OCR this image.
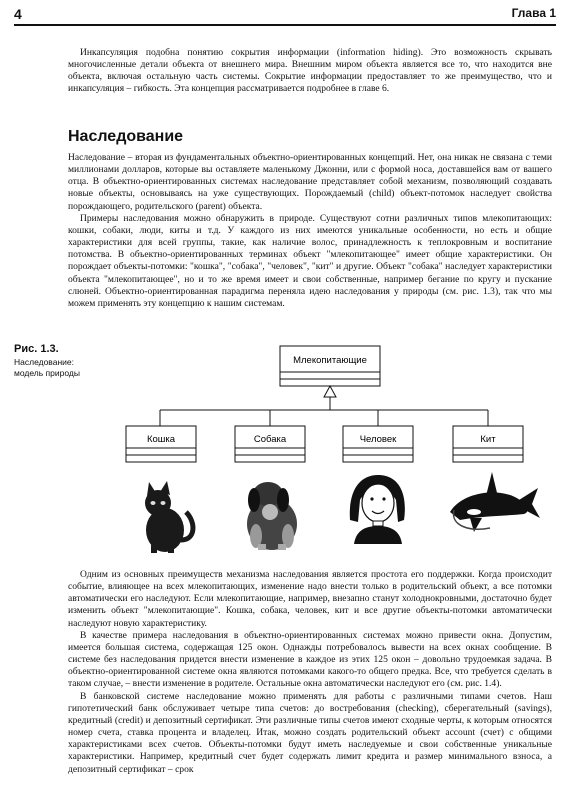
4	Глава 1

Инкапсуляция подобна понятию сокрытия информации (information hiding). Это возможность скрывать многочисленные детали объекта от внешнего мира. Внешним миром объекта является все то, что находится вне объекта, включая остальную часть системы. Сокрытие информации предоставляет то же преимущество, что и инкапсуляция – гибкость. Эта концепция рассматривается подробнее в главе 6.

Наследование

Наследование – вторая из фундаментальных объектно-ориентированных концепций. Нет, она никак не связана с теми миллионами долларов, которые вы оставляете маленькому Джонни, или с формой носа, доставшейся вам от вашего отца. В объектно-ориентированных системах наследование представляет собой механизм, позволяющий создавать новые объекты, основываясь на уже существующих. Порождаемый (child) объект-потомок наследует свойства порождающего, родительского (parent) объекта.

Примеры наследования можно обнаружить в природе. Существуют сотни различных типов млекопитающих: кошки, собаки, люди, киты и т.д. У каждого из них имеются уникальные особенности, но есть и общие характеристики для всей группы, такие, как наличие волос, принадлежность к теплокровным и воспитание потомства. В объектно-ориентированных терминах объект "млекопитающее" имеет общие характеристики. Он порождает объекты-потомки: "кошка", "собака", "человек", "кит" и другие. Объект "собака" наследует характеристики объекта "млекопитающее", но и то же время имеет и свои собственные, например бегание по кругу и пускание слюней. Объектно-ориентированная парадигма переняла идею наследования у природы (см. рис. 1.3), так что мы можем применять эту концепцию к нашим системам.

Рис. 1.3.
Наследование: модель природы
Млекопитающие
Кошка	Собака	Человек	Кит

Одним из основных преимуществ механизма наследования является простота его поддержки. Когда происходит событие, влияющее на всех млекопитающих, изменение надо внести только в родительский объект, а все потомки автоматически его наследуют. Если млекопитающие, например, внезапно станут холоднокровными, достаточно будет изменить объект "млекопитающие". Кошка, собака, человек, кит и все другие объекты-потомки автоматически наследуют новую характеристику.

В качестве примера наследования в объектно-ориентированных системах можно привести окна. Допустим, имеется большая система, содержащая 125 окон. Однажды потребовалось вывести на всех окнах сообщение. В системе без наследования придется внести изменение в каждое из этих 125 окон – довольно трудоемкая задача. В объектно-ориентированной системе окна являются потомками какого-то общего предка. Все, что требуется сделать в таком случае, – внести изменение в родителе. Остальные окна автоматически наследуют его (см. рис. 1.4).

В банковской системе наследование можно применять для работы с различными типами счетов. Наш гипотетический банк обслуживает четыре типа счетов: до востребования (checking), сберегательный (savings), кредитный (credit) и депозитный сертификат. Эти различные типы счетов имеют сходные черты, к которым относятся номер счета, ставка процента и владелец. Итак, можно создать родительский объект account (счет) с общими характеристиками всех счетов. Объекты-потомки будут иметь наследуемые и свои собственные уникальные характеристики. Например, кредитный счет будет содержать лимит кредита и размер минимального взноса, а депозитный сертификат – срок
